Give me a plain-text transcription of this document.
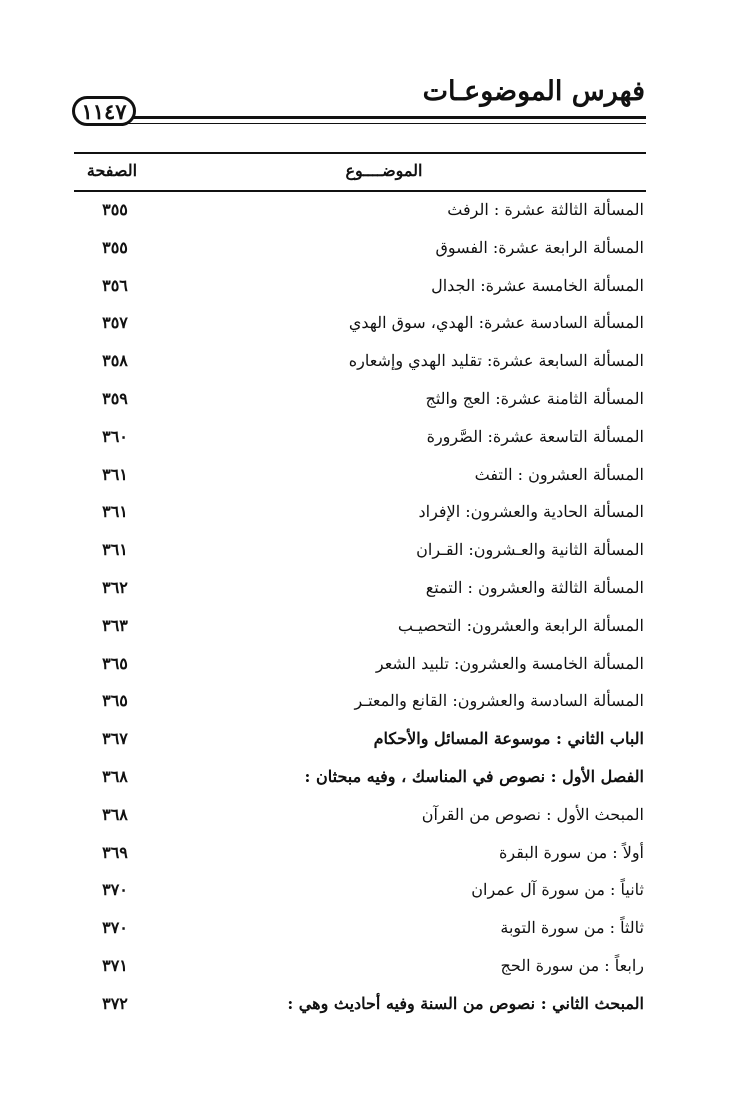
فهرس الموضوعـات
١١٤٧
الصفحة	الموضــــوع
المسألة الثالثة عشرة : الرفث
٣٥٥
المسألة الرابعة عشرة: الفسوق
٣٥٥
المسألة الخامسة عشرة: الجدال
٣٥٦
المسألة السادسة عشرة: الهدي، سوق الهدي
٣٥٧
المسألة السابعة عشرة: تقليد الهدي وإشعاره
٣٥٨
المسألة الثامنة عشرة: العج والثج
٣٥٩
المسألة التاسعة عشرة: الصَّرورة
٣٦٠
المسألة العشرون : التفث
٣٦١
المسألة الحادية والعشرون: الإفراد
٣٦١
المسألة الثانية والعـشرون: القـران
٣٦١
المسألة الثالثة والعشرون : التمتع
٣٦٢
المسألة الرابعة والعشرون: التحصيـب
٣٦٣
المسألة الخامسة والعشرون: تلبيد الشعر
٣٦٥
المسألة السادسة والعشرون: القانع والمعتـر
٣٦٥
الباب الثاني : موسوعة المسائل والأحكام
٣٦٧
الفصل الأول : نصوص في المناسك ، وفيه مبحثان :
٣٦٨
المبحث الأول : نصوص من القرآن
٣٦٨
أولاً : من سورة البقرة
٣٦٩
ثانياً : من سورة آل عمران
٣٧٠
ثالثاً : من سورة التوبة
٣٧٠
رابعاً : من سورة الحج
٣٧١
المبحث الثاني : نصوص من السنة وفيه أحاديث وهي :
٣٧٢
